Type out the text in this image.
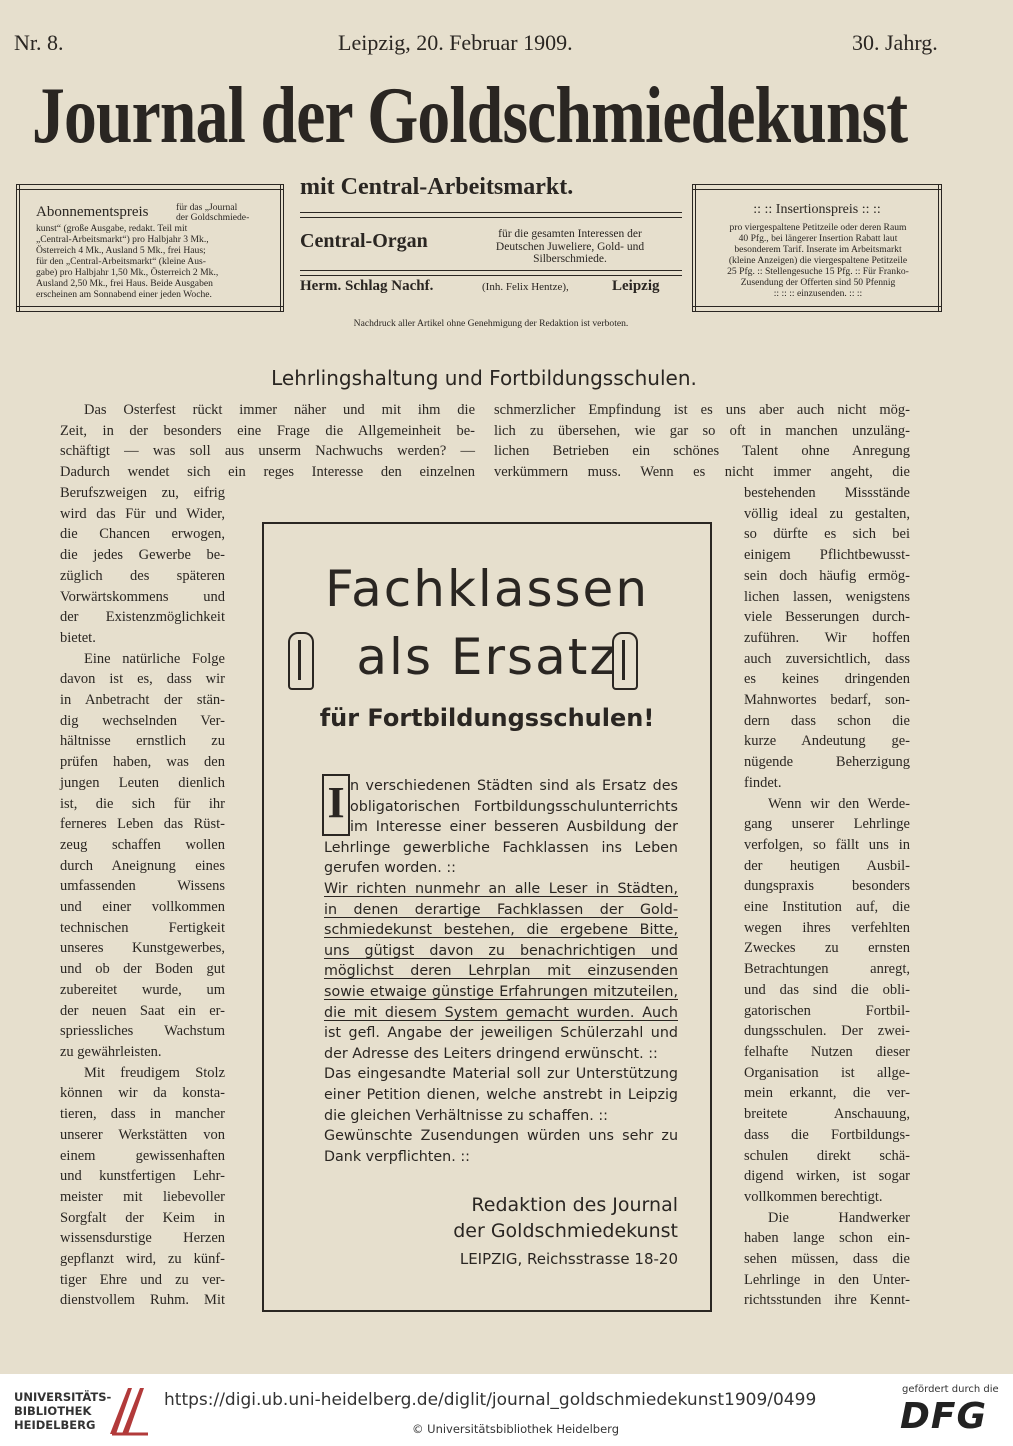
Nr. 8.	Leipzig, 20. Februar 1909.	30. Jahrg.
Journal der Goldschmiedekunst
Abonnementspreis	für das „Journal
der Goldschmiede-
kunst“ (große Ausgabe, redakt. Teil mit
„Central-Arbeitsmarkt“) pro Halbjahr 3 Mk.,
Österreich 4 Mk., Ausland 5 Mk., frei Haus;
für den „Central-Arbeitsmarkt“ (kleine Aus-
gabe) pro Halbjahr 1,50 Mk., Österreich 2 Mk.,
Ausland 2,50 Mk., frei Haus. Beide Ausgaben
erscheinen am Sonnabend einer jeden Woche.
mit Central-Arbeitsmarkt.
Central-Organ	für die gesamten Interessen der
Deutschen Juweliere, Gold- und
Silberschmiede.
Herm. Schlag Nachf.	(Inh. Felix Hentze),	Leipzig
:: :: Insertionspreis :: ::
pro viergespaltene Petitzeile oder deren Raum
40 Pfg., bei längerer Insertion Rabatt laut
besonderem Tarif. Inserate im Arbeitsmarkt
(kleine Anzeigen) die viergespaltene Petitzeile
25 Pfg. :: Stellengesuche 15 Pfg. :: Für Franko-
Zusendung der Offerten sind 50 Pfennig
:: :: :: einzusenden. :: ::
Nachdruck aller Artikel ohne Genehmigung der Redaktion ist verboten.
Lehrlingshaltung und Fortbildungsschulen.
Das Osterfest rückt immer näher und mit ihm die
Zeit, in der besonders eine Frage die Allgemeinheit be-
schäftigt — was soll aus unserm Nachwuchs werden? —
Dadurch wendet sich ein reges Interesse den einzelnen
schmerzlicher Empfindung ist es uns aber auch nicht mög-
lich zu übersehen, wie gar so oft in manchen unzuläng-
lichen Betrieben ein schönes Talent ohne Anregung
verkümmern muss. Wenn es nicht immer angeht, die
Berufszweigen zu, eifrig
wird das Für und Wider,
die Chancen erwogen,
die jedes Gewerbe be-
züglich des späteren
Vorwärtskommens und
der Existenzmöglichkeit
bietet.
Eine natürliche Folge
davon ist es, dass wir
in Anbetracht der stän-
dig wechselnden Ver-
hältnisse ernstlich zu
prüfen haben, was den
jungen Leuten dienlich
ist, die sich für ihr
ferneres Leben das Rüst-
zeug schaffen wollen
durch Aneignung eines
umfassenden Wissens
und einer vollkommen
technischen Fertigkeit
unseres Kunstgewerbes,
und ob der Boden gut
zubereitet wurde, um
der neuen Saat ein er-
spriessliches Wachstum
zu gewährleisten.
Mit freudigem Stolz
können wir da konsta-
tieren, dass in mancher
unserer Werkstätten von
einem gewissenhaften
und kunstfertigen Lehr-
meister mit liebevoller
Sorgfalt der Keim in
wissensdurstige Herzen
gepflanzt wird, zu künf-
tiger Ehre und zu ver-
dienstvollem Ruhm. Mit
bestehenden Missstände
völlig ideal zu gestalten,
so dürfte es sich bei
einigem Pflichtbewusst-
sein doch häufig ermög-
lichen lassen, wenigstens
viele Besserungen durch-
zuführen. Wir hoffen
auch zuversichtlich, dass
es keines dringenden
Mahnwortes bedarf, son-
dern dass schon die
kurze Andeutung ge-
nügende Beherzigung
findet.
Wenn wir den Werde-
gang unserer Lehrlinge
verfolgen, so fällt uns in
der heutigen Ausbil-
dungspraxis besonders
eine Institution auf, die
wegen ihres verfehlten
Zweckes zu ernsten
Betrachtungen anregt,
und das sind die obli-
gatorischen Fortbil-
dungsschulen. Der zwei-
felhafte Nutzen dieser
Organisation ist allge-
mein erkannt, die ver-
breitete Anschauung,
dass die Fortbildungs-
schulen direkt schä-
digend wirken, ist sogar
vollkommen berechtigt.
Die Handwerker
haben lange schon ein-
sehen müssen, dass die
Lehrlinge in den Unter-
richtsstunden ihre Kennt-
Fachklassen
als Ersatz
für Fortbildungsschulen!
I n verschiedenen Städten sind als Ersatz des
obligatorischen Fortbildungsschulunterrichts
im Interesse einer besseren Ausbildung der
Lehrlinge gewerbliche Fachklassen ins Leben
gerufen worden. ::
Wir richten nunmehr an alle Leser in Städten,
in denen derartige Fachklassen der Gold-
schmiedekunst bestehen, die ergebene Bitte,
uns gütigst davon zu benachrichtigen und
möglichst deren Lehrplan mit einzusenden
sowie etwaige günstige Erfahrungen mitzuteilen,
die mit diesem System gemacht wurden. Auch
ist gefl. Angabe der jeweiligen Schülerzahl und
der Adresse des Leiters dringend erwünscht. ::
Das eingesandte Material soll zur Unterstützung
einer Petition dienen, welche anstrebt in Leipzig
die gleichen Verhältnisse zu schaffen. ::
Gewünschte Zusendungen würden uns sehr zu
Dank verpflichten. ::
Redaktion des Journal
der Goldschmiedekunst
LEIPZIG, Reichsstrasse 18-20
UNIVERSITÄTS-
BIBLIOTHEK
HEIDELBERG
https://digi.ub.uni-heidelberg.de/diglit/journal_goldschmiedekunst1909/0499
© Universitätsbibliothek Heidelberg
gefördert durch die
DFG
